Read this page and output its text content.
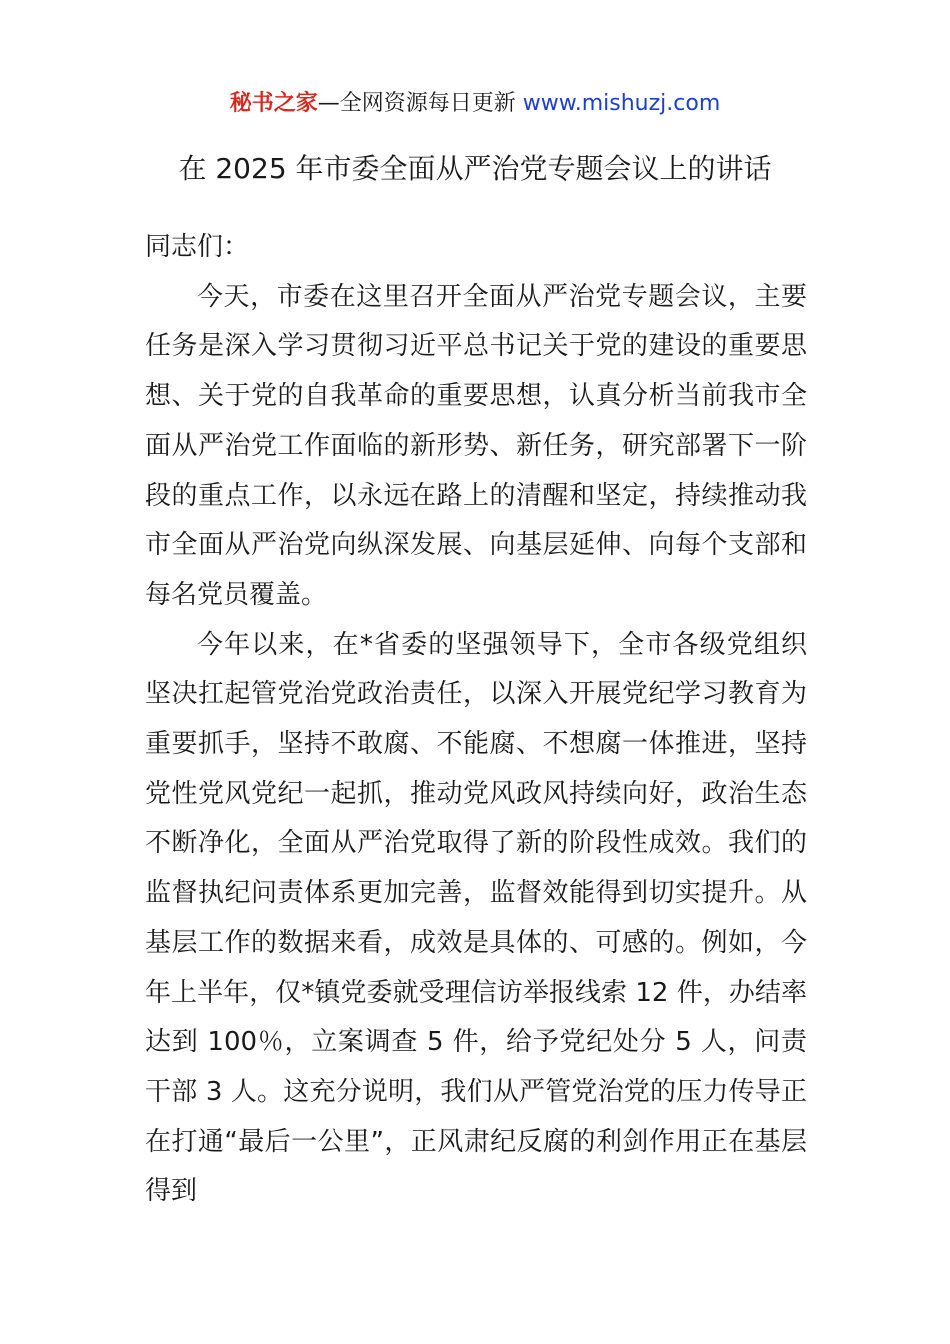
秘书之家—全网资源每日更新 www.mishuzj.com
在 2025 年市委全面从严治党专题会议上的讲话

同志们：

今天，市委在这里召开全面从严治党专题会议，主要任务是深入学习贯彻习近平总书记关于党的建设的重要思想、关于党的自我革命的重要思想，认真分析当前我市全面从严治党工作面临的新形势、新任务，研究部署下一阶段的重点工作，以永远在路上的清醒和坚定，持续推动我市全面从严治党向纵深发展、向基层延伸、向每个支部和每名党员覆盖。

今年以来，在*省委的坚强领导下，全市各级党组织坚决扛起管党治党政治责任，以深入开展党纪学习教育为重要抓手，坚持不敢腐、不能腐、不想腐一体推进，坚持党性党风党纪一起抓，推动党风政风持续向好，政治生态不断净化，全面从严治党取得了新的阶段性成效。我们的监督执纪问责体系更加完善，监督效能得到切实提升。从基层工作的数据来看，成效是具体的、可感的。例如，今年上半年，仅*镇党委就受理信访举报线索 12 件，办结率达到 100％，立案调查 5 件，给予党纪处分 5 人，问责干部 3 人。这充分说明，我们从严管党治党的压力传导正在打通“最后一公里”，正风肃纪反腐的利剑作用正在基层得到
